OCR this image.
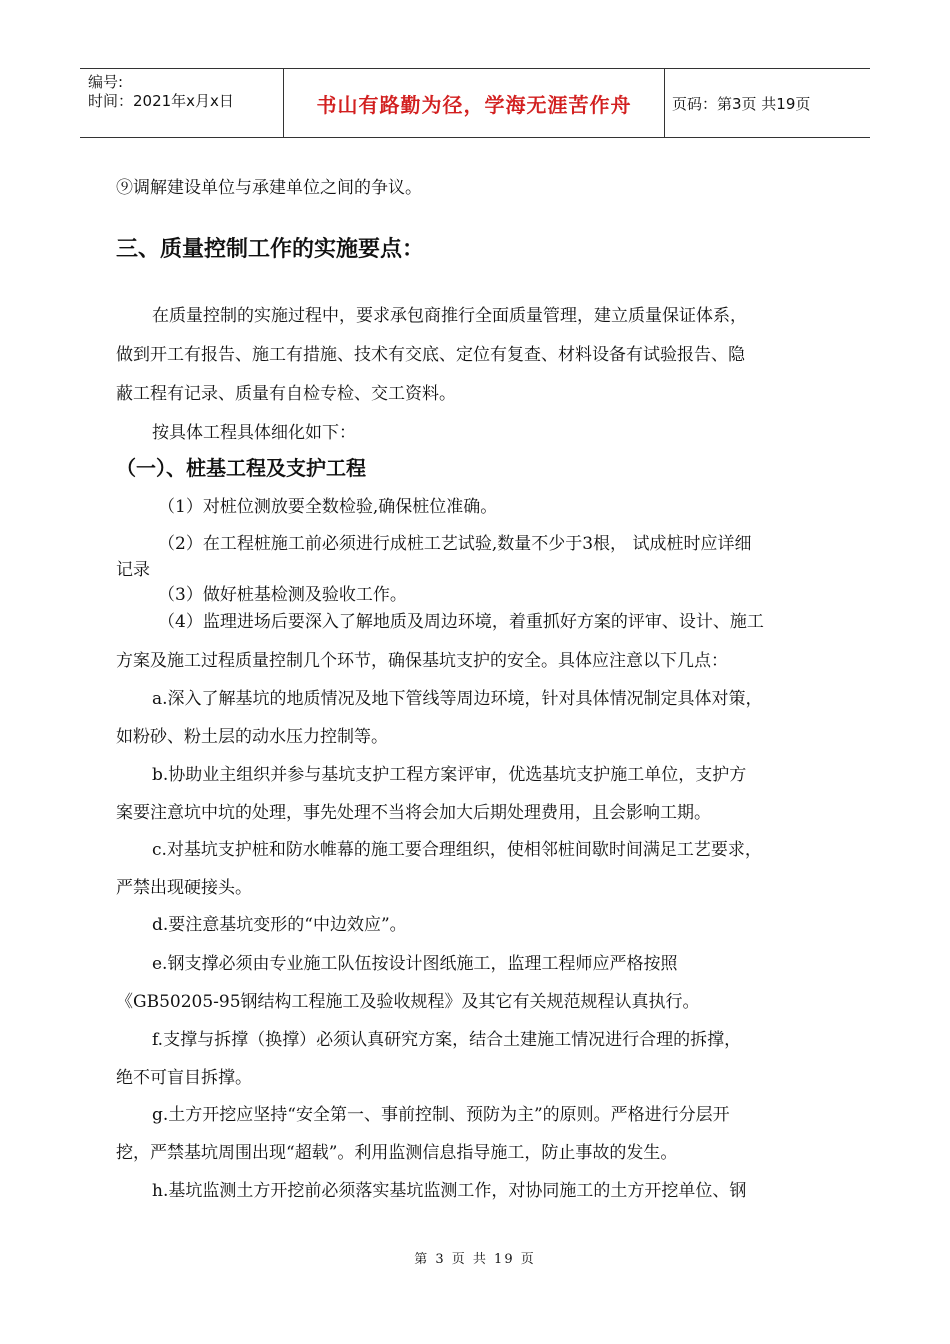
编号:
时间：2021年x月x日	书山有路勤为径，学海无涯苦作舟	页码：第3页 共19页
⑨调解建设单位与承建单位之间的争议。
三、质量控制工作的实施要点：
在质量控制的实施过程中，要求承包商推行全面质量管理，建立质量保证体系，
做到开工有报告、施工有措施、技术有交底、定位有复查、材料设备有试验报告、隐
蔽工程有记录、质量有自检专检、交工资料。
按具体工程具体细化如下：
（一）、桩基工程及支护工程
（1）对桩位测放要全数检验,确保桩位准确。
（2）在工程桩施工前必须进行成桩工艺试验,数量不少于3根， 试成桩时应详细
记录
（3）做好桩基检测及验收工作。
（4）监理进场后要深入了解地质及周边环境，着重抓好方案的评审、设计、施工
方案及施工过程质量控制几个环节，确保基坑支护的安全。具体应注意以下几点：
a.深入了解基坑的地质情况及地下管线等周边环境，针对具体情况制定具体对策，
如粉砂、粉土层的动水压力控制等。
b.协助业主组织并参与基坑支护工程方案评审，优选基坑支护施工单位，支护方
案要注意坑中坑的处理，事先处理不当将会加大后期处理费用，且会影响工期。
c.对基坑支护桩和防水帷幕的施工要合理组织，使相邻桩间歇时间满足工艺要求，
严禁出现硬接头。
d.要注意基坑变形的“中边效应”。
e.钢支撑必须由专业施工队伍按设计图纸施工，监理工程师应严格按照
《GB50205-95钢结构工程施工及验收规程》及其它有关规范规程认真执行。
f.支撑与拆撑（换撑）必须认真研究方案，结合土建施工情况进行合理的拆撑，
绝不可盲目拆撑。
g.土方开挖应坚持“安全第一、事前控制、预防为主”的原则。严格进行分层开
挖，严禁基坑周围出现“超载”。利用监测信息指导施工，防止事故的发生。
h.基坑监测土方开挖前必须落实基坑监测工作，对协同施工的土方开挖单位、钢
第 3 页 共 19 页
